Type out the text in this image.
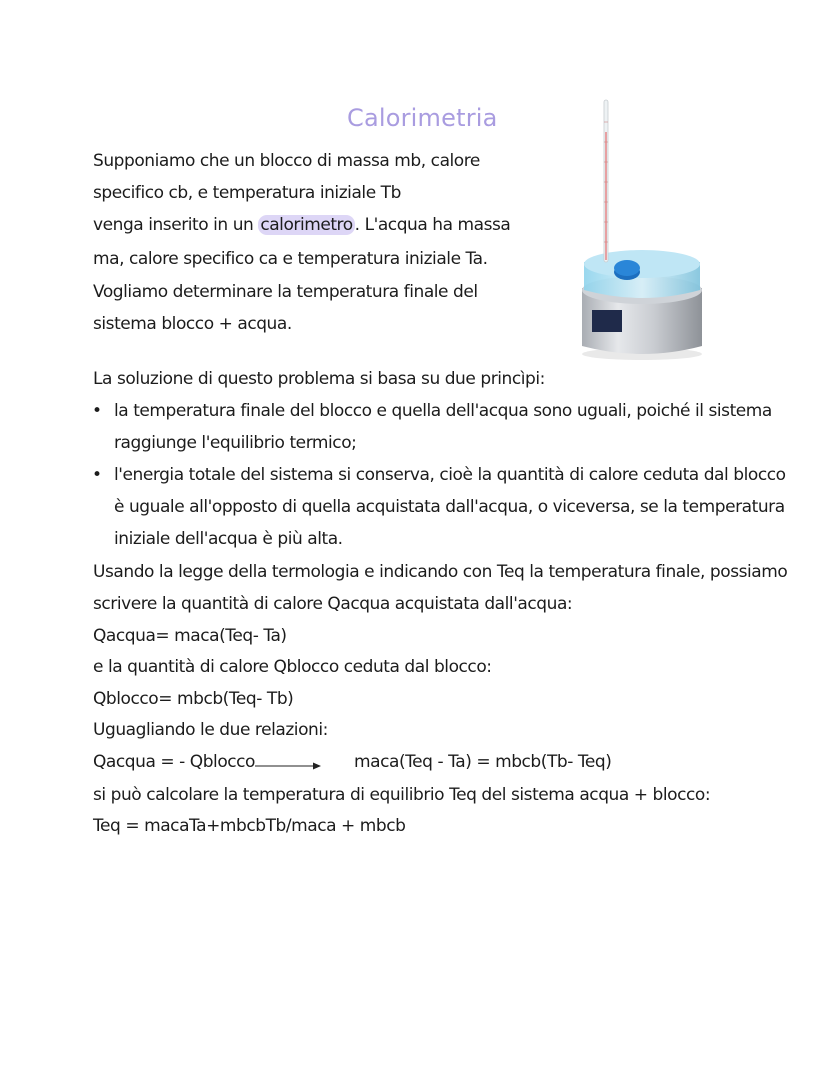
Calorimetria
Supponiamo che un blocco di massa mb, calore
specifico cb, e temperatura iniziale Tb
venga inserito in un calorimetro . L'acqua ha massa
ma, calore specifico ca e temperatura iniziale Ta.
Vogliamo determinare la temperatura finale del
sistema blocco + acqua.
La soluzione di questo problema si basa su due princìpi:
• la temperatura finale del blocco e quella dell'acqua sono uguali, poiché il sistema
raggiunge l'equilibrio termico;
• l'energia totale del sistema si conserva, cioè la quantità di calore ceduta dal blocco
è uguale all'opposto di quella acquistata dall'acqua, o viceversa, se la temperatura
iniziale dell'acqua è più alta.
Usando la legge della termologia e indicando con Teq la temperatura finale, possiamo
scrivere la quantità di calore Qacqua acquistata dall'acqua:
Qacqua= maca(Teq- Ta)
e la quantità di calore Qblocco ceduta dal blocco:
Qblocco= mbcb(Teq- Tb)
Uguagliando le due relazioni:
Qacqua = - Qblocco	maca(Teq - Ta) = mbcb(Tb- Teq)
si può calcolare la temperatura di equilibrio Teq del sistema acqua + blocco:
Teq = macaTa+mbcbTb/maca + mbcb
